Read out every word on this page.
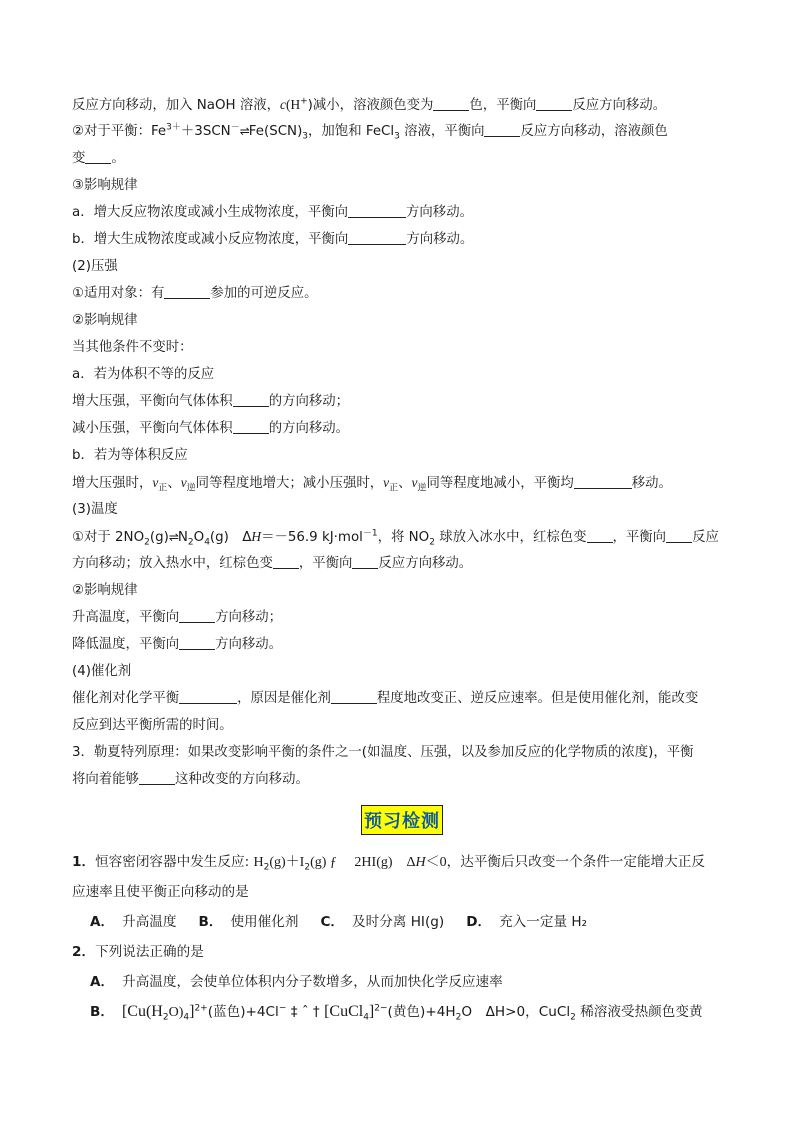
反应方向移动，加入 NaOH 溶液，c(H+)减小，溶液颜色变为	色，平衡向	反应方向移动。
②对于平衡：$Fe^{3+}+3SCN^-\rightleftharpoons Fe(SCN)_3$，加饱和 FeCl$_3$ 溶液，平衡向	反应方向移动，溶液颜色
变 。
③影响规律
a．增大反应物浓度或减小生成物浓度，平衡向	方向移动。
b．增大生成物浓度或减小反应物浓度，平衡向	方向移动。
(2)压强
①适用对象：有	参加的可逆反应。
②影响规律
当其他条件不变时：
a．若为体积不等的反应
增大压强，平衡向气体体积	的方向移动；
减小压强，平衡向气体体积	的方向移动。
b．若为等体积反应
增大压强时，$v_正$、$v_逆$同等程度地增大；减小压强时，$v_正$、$v_逆$同等程度地减小，平衡均	移动。
(3)温度
①对于 $2NO_2(g)\rightleftharpoons N_2O_4(g)$　ΔH＝－56.9 kJ·mol$^{-1}$，将 $NO_2$ 球放入冰水中，红棕色变 ，平衡向 反应
方向移动；放入热水中，红棕色变 ，平衡向 反应方向移动。
②影响规律
升高温度，平衡向	方向移动；
降低温度，平衡向	方向移动。
(4)催化剂
催化剂对化学平衡	，原因是催化剂	程度地改变正、逆反应速率。但是使用催化剂，能改变
反应到达平衡所需的时间。
3．勒夏特列原理：如果改变影响平衡的条件之一(如温度、压强，以及参加反应的化学物质的浓度)，平衡
将向着能够	这种改变的方向移动。
预习检测
1．恒容密闭容器中发生反应: $H_2(g)+I_2(g)$ ƒ 　2HI(g)　ΔH＜0，达平衡后只改变一个条件一定能增大正反
应速率且使平衡正向移动的是
A． 升高温度 B． 使用催化剂 C． 及时分离 HI(g) D． 充入一定量 H₂
2．下列说法正确的是
A． 升高温度，会使单位体积内分子数增多，从而加快化学反应速率
B． $[Cu(H_2O)_4]^{2+}$(蓝色)+4Cl− ‡ ˆ † [CuCl$_4$]$^{2-}$(黄色)$+4H_2O$　ΔH>0，CuCl$_2$ 稀溶液受热颜色变黄
